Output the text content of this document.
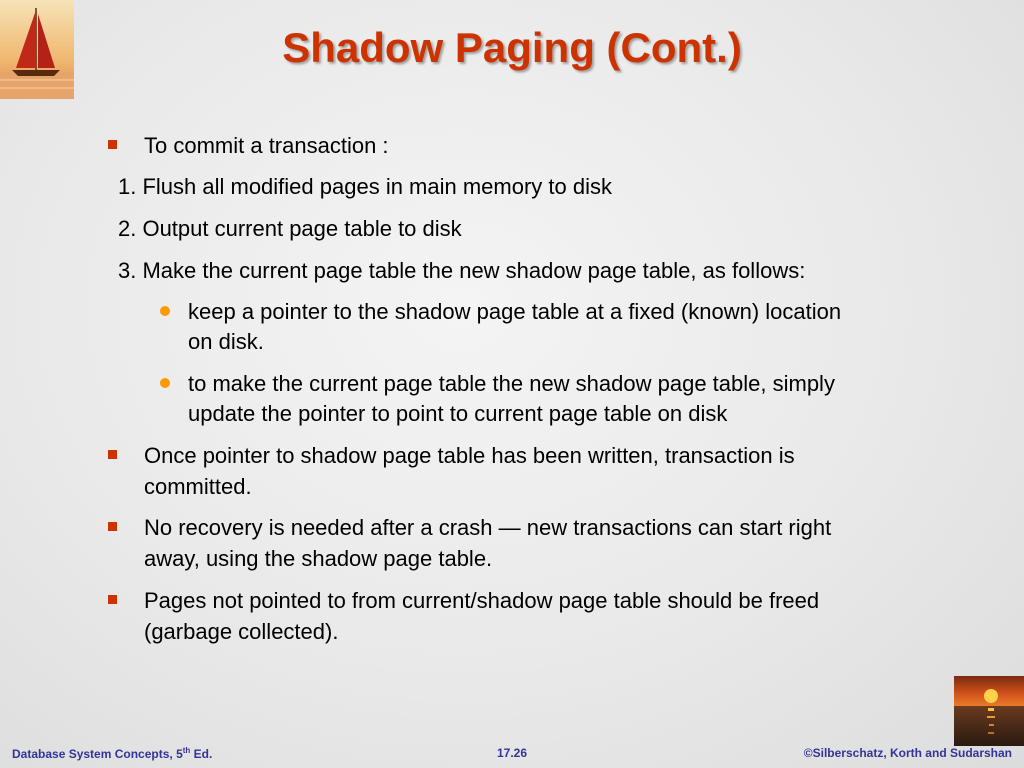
Shadow Paging (Cont.)
To commit a transaction :
1. Flush all modified pages in main memory to disk
2. Output current page table to disk
3. Make the current page table the new shadow page table, as follows:
keep a pointer to the shadow page table at a fixed (known) location
on disk.
to make the current page table the new shadow page table, simply
update the pointer to point to current page table on disk
Once pointer to shadow page table has been written, transaction is
committed.
No recovery is needed after a crash — new transactions can start right
away, using the shadow page table.
Pages not pointed to from current/shadow page table should be freed
(garbage collected).
Database System Concepts, 5th Ed.	17.26	©Silberschatz, Korth and Sudarshan
